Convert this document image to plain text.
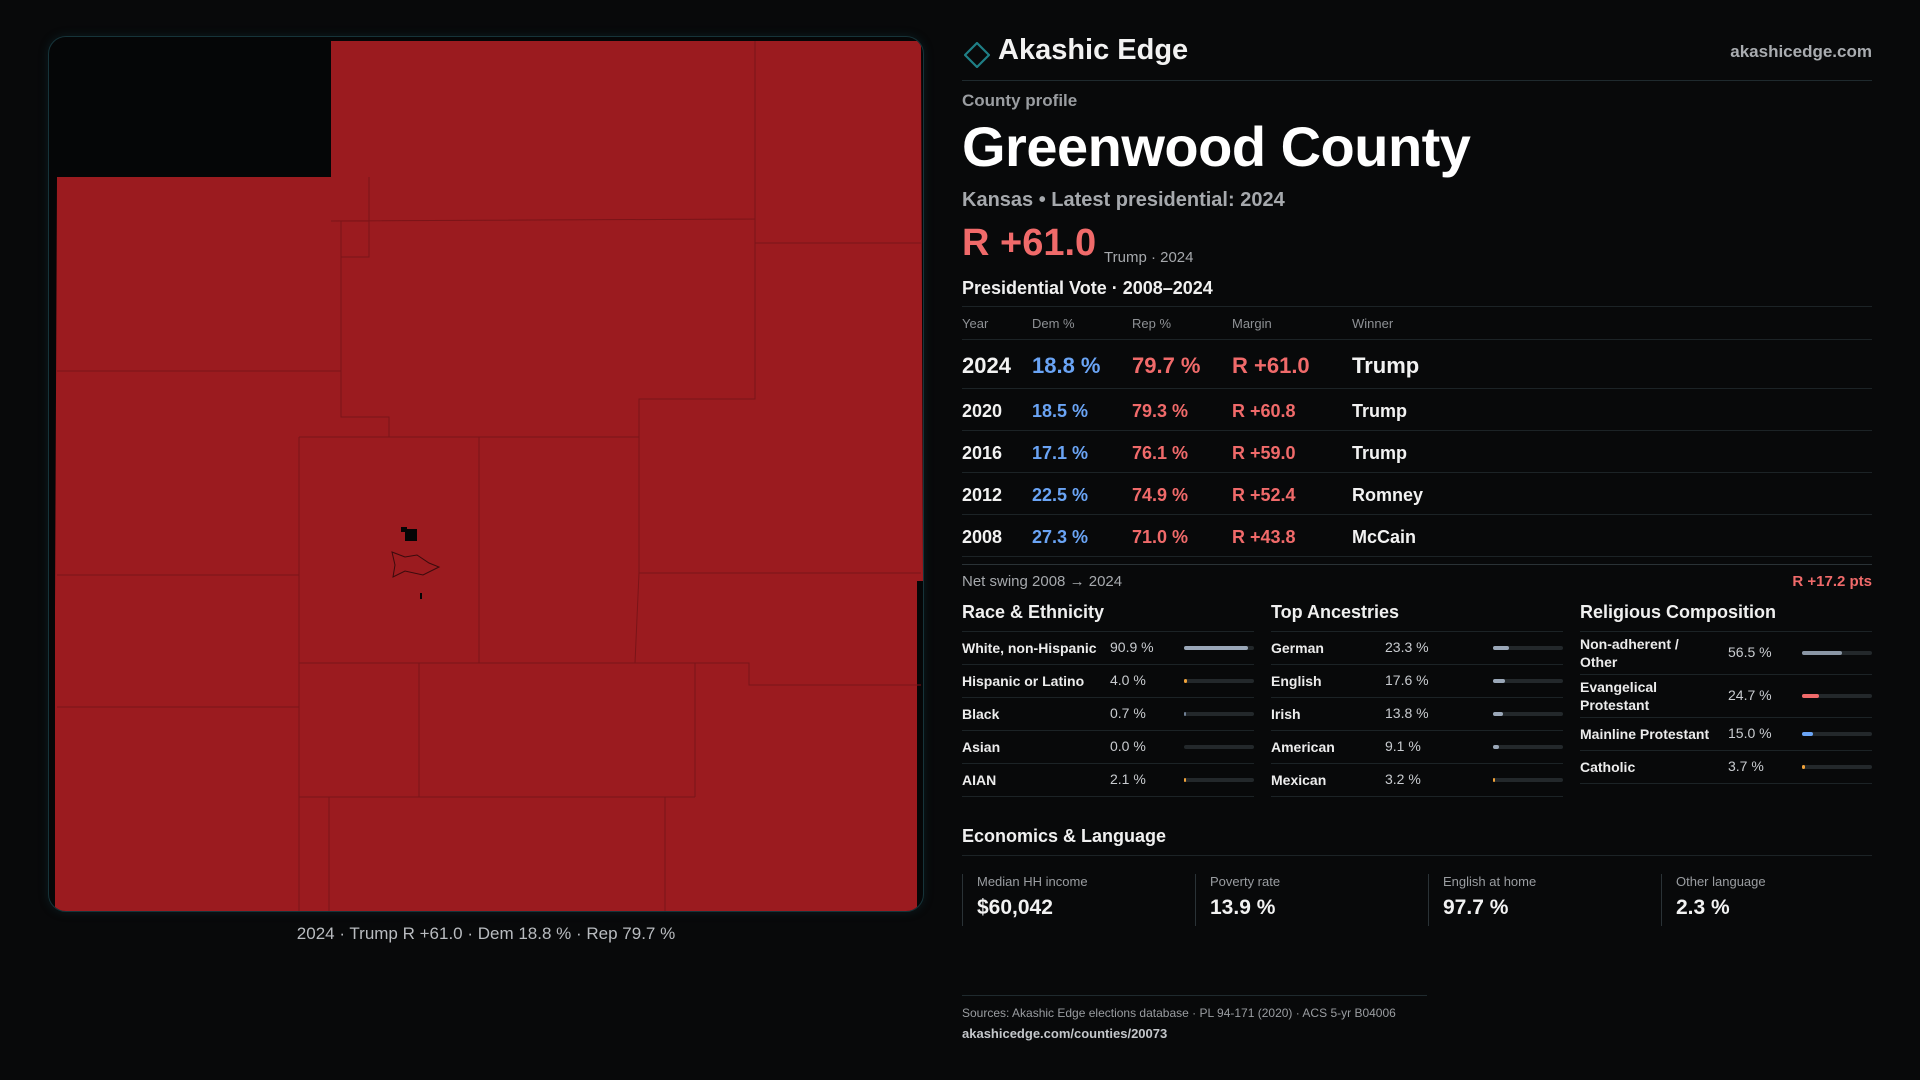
2024 · Trump R +61.0 · Dem 18.8 % · Rep 79.7 %
Akashic Edge	akashicedge.com
County profile
Greenwood County
Kansas • Latest presidential: 2024
R +61.0 Trump · 2024
Presidential Vote · 2008–2024
Year	Dem %	Rep %	Margin	Winner
2024 18.8 % 79.7 % R +61.0 Trump
2020 18.5 % 79.3 % R +60.8	Trump
2016 17.1 % 76.1 % R +59.0	Trump
2012 22.5 % 74.9 % R +52.4	Romney
2008 27.3 % 71.0 % R +43.8	McCain
Net swing 2008 → 2024	R +17.2 pts
Race & Ethnicity
White, non-Hispanic 90.9 %
Hispanic or Latino	4.0 %
Black	0.7 %
Asian	0.0 %
AIAN	2.1 %
Top Ancestries
German	23.3 %
English	17.6 %
Irish	13.8 %
American	9.1 %
Mexican	3.2 %
Religious Composition
Non-adherent / Other
56.5 %
Evangelical Protestant
24.7 %
Mainline Protestant	15.0 %
Catholic	3.7 %
Economics & Language
Median HH income
$60,042
Poverty rate
13.9 %
English at home
97.7 %
Other language
2.3 %
Sources: Akashic Edge elections database · PL 94-171 (2020) · ACS 5-yr B04006
akashicedge.com/counties/20073
